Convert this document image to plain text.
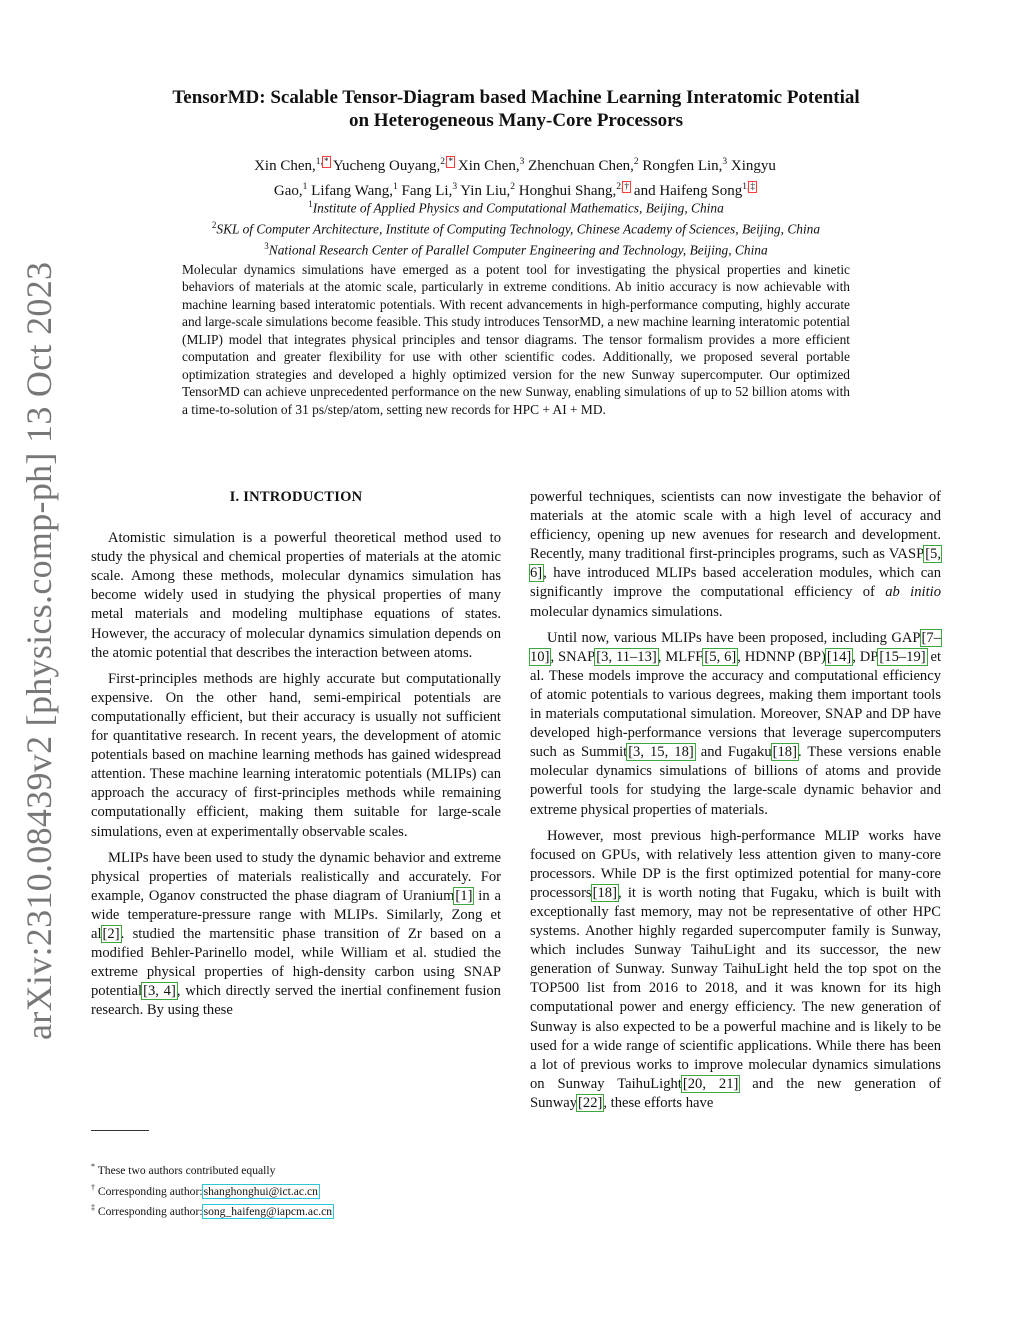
arXiv:2310.08439v2 [physics.comp-ph] 13 Oct 2023
TensorMD: Scalable Tensor-Diagram based Machine Learning Interatomic Potential
on Heterogeneous Many-Core Processors
Xin Chen,$^{1,*}$ Yucheng Ouyang,$^{2,*}$ Xin Chen,$^3$ Zhenchuan Chen,$^2$ Rongfen Lin,$^3$ Xingyu
Gao,$^1$ Lifang Wang,$^1$ Fang Li,$^3$ Yin Liu,$^2$ Honghui Shang,$^{2,\dagger}$ and Haifeng Song$^{1,\ddagger}$
$^1$Institute of Applied Physics and Computational Mathematics, Beijing, China
$^2$SKL of Computer Architecture, Institute of Computing Technology, Chinese Academy of Sciences, Beijing, China
$^3$National Research Center of Parallel Computer Engineering and Technology, Beijing, China
Molecular dynamics simulations have emerged as a potent tool for investigating the physical properties and kinetic behaviors of materials at the atomic scale, particularly in extreme conditions. Ab initio accuracy is now achievable with machine learning based interatomic potentials. With recent advancements in high-performance computing, highly accurate and large-scale simulations become feasible. This study introduces TensorMD, a new machine learning interatomic potential (MLIP) model that integrates physical principles and tensor diagrams. The tensor formalism provides a more efficient computation and greater flexibility for use with other scientific codes. Additionally, we proposed several portable optimization strategies and developed a highly optimized version for the new Sunway supercomputer. Our optimized TensorMD can achieve unprecedented performance on the new Sunway, enabling simulations of up to 52 billion atoms with a time-to-solution of 31 ps/step/atom, setting new records for HPC + AI + MD.
I. INTRODUCTION

Atomistic simulation is a powerful theoretical method used to study the physical and chemical properties of materials at the atomic scale. Among these methods, molecular dynamics simulation has become widely used in studying the physical properties of many metal materials and modeling multiphase equations of states. However, the accuracy of molecular dynamics simulation depends on the atomic potential that describes the interaction between atoms.

First-principles methods are highly accurate but computationally expensive. On the other hand, semi-empirical potentials are computationally efficient, but their accuracy is usually not sufficient for quantitative research. In recent years, the development of atomic potentials based on machine learning methods has gained widespread attention. These machine learning interatomic potentials (MLIPs) can approach the accuracy of first-principles methods while remaining computationally efficient, making them suitable for large-scale simulations, even at experimentally observable scales.

MLIPs have been used to study the dynamic behavior and extreme physical properties of materials realistically and accurately. For example, Oganov constructed the phase diagram of Uranium[1] in a wide temperature-pressure range with MLIPs. Similarly, Zong et al[2]. studied the martensitic phase transition of Zr based on a modified Behler-Parinello model, while William et al. studied the extreme physical properties of high-density carbon using SNAP potential[3, 4], which directly served the inertial confinement fusion research. By using these

powerful techniques, scientists can now investigate the behavior of materials at the atomic scale with a high level of accuracy and efficiency, opening up new avenues for research and development. Recently, many traditional first-principles programs, such as VASP[5, 6], have introduced MLIPs based acceleration modules, which can significantly improve the computational efficiency of ab initio molecular dynamics simulations.

Until now, various MLIPs have been proposed, including GAP[7–10], SNAP[3, 11–13], MLFF[5, 6], HDNNP (BP)[14], DP[15–19] et al. These models improve the accuracy and computational efficiency of atomic potentials to various degrees, making them important tools in materials computational simulation. Moreover, SNAP and DP have developed high-performance versions that leverage supercomputers such as Summit[3, 15, 18] and Fugaku[18]. These versions enable molecular dynamics simulations of billions of atoms and provide powerful tools for studying the large-scale dynamic behavior and extreme physical properties of materials.

However, most previous high-performance MLIP works have focused on GPUs, with relatively less attention given to many-core processors. While DP is the first optimized potential for many-core processors[18], it is worth noting that Fugaku, which is built with exceptionally fast memory, may not be representative of other HPC systems. Another highly regarded supercomputer family is Sunway, which includes Sunway TaihuLight and its successor, the new generation of Sunway. Sunway TaihuLight held the top spot on the TOP500 list from 2016 to 2018, and it was known for its high computational power and energy efficiency. The new generation of Sunway is also expected to be a powerful machine and is likely to be used for a wide range of scientific applications. While there has been a lot of previous works to improve molecular dynamics simulations on Sunway TaihuLight[20, 21] and the new generation of Sunway[22], these efforts have

* These two authors contributed equally
† Corresponding author:shanghonghui@ict.ac.cn
‡ Corresponding author:song_haifeng@iapcm.ac.cn
